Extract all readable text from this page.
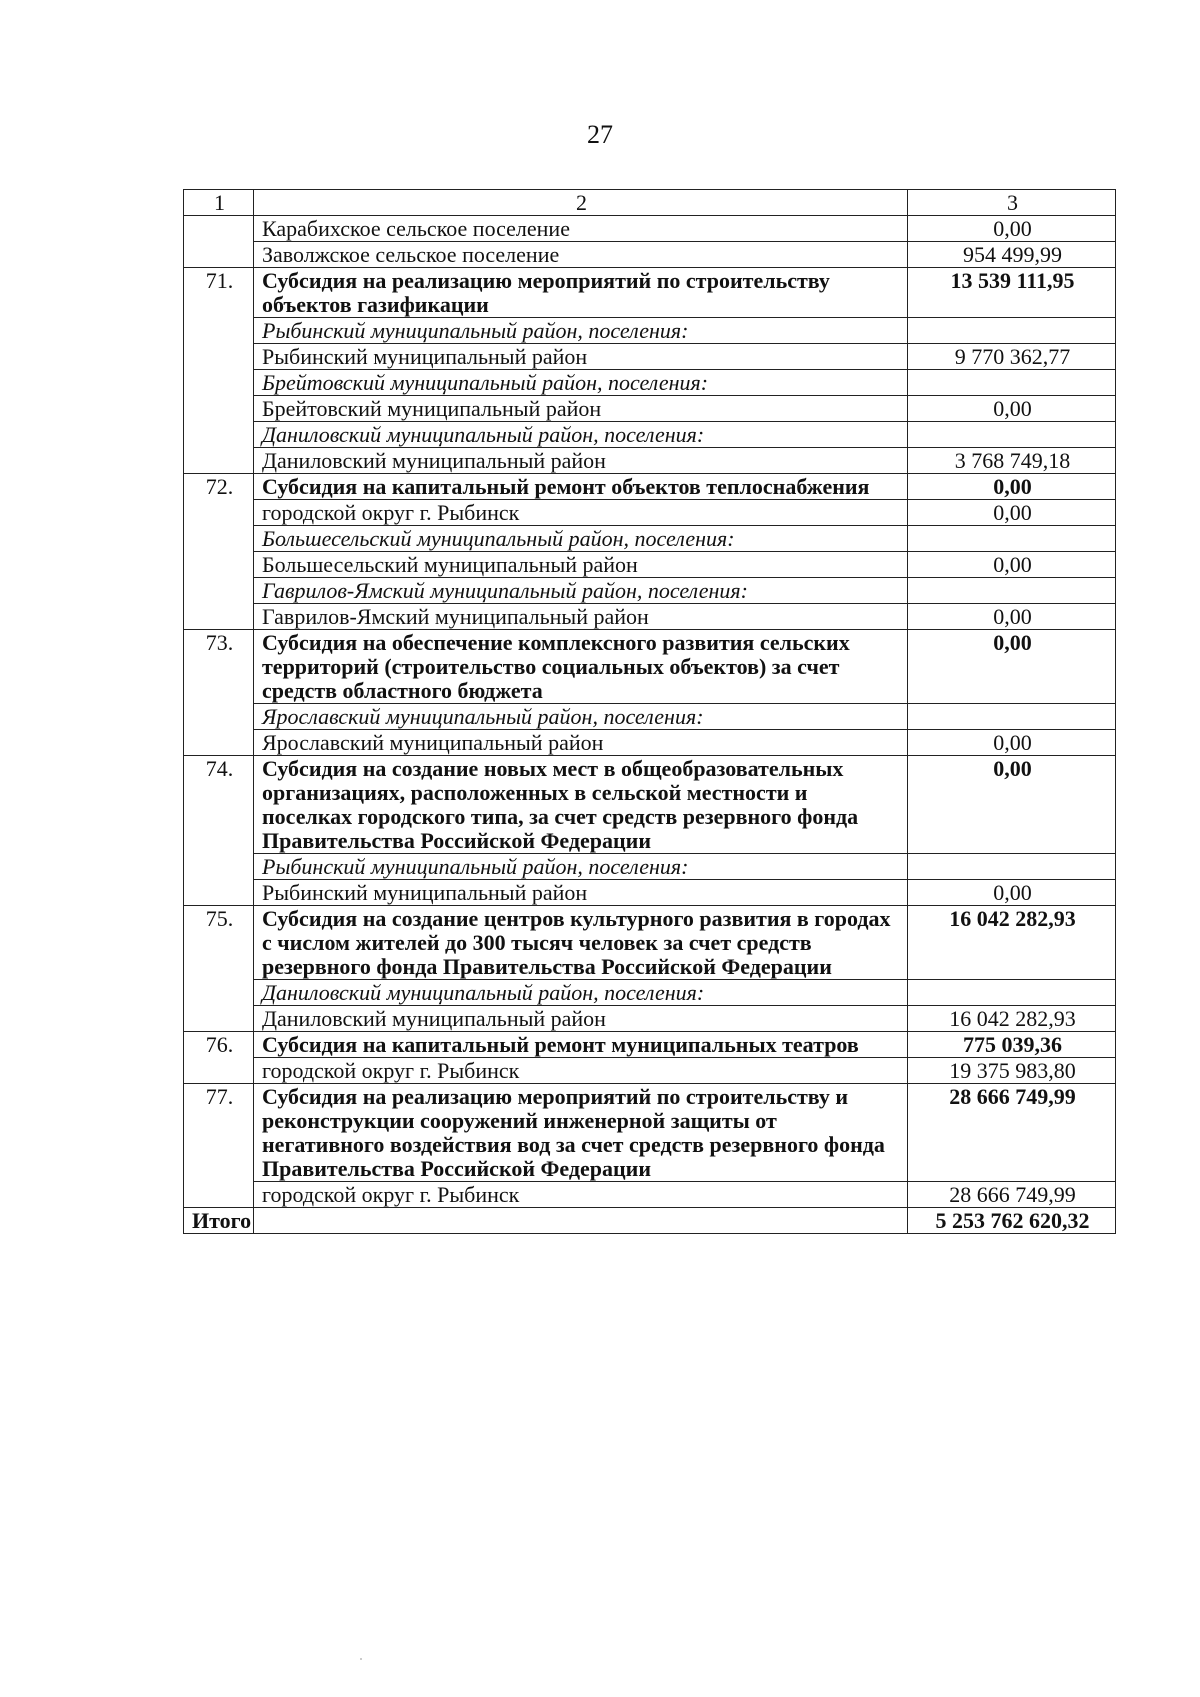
27
1	2	3
	Карабихское сельское поселение	0,00
	Заволжское сельское поселение	954 499,99
71.	Субсидия на реализацию мероприятий по строительству объектов газификации	13 539 111,95
	Рыбинский муниципальный район, поселения:	
	Рыбинский муниципальный район	9 770 362,77
	Брейтовский муниципальный район, поселения:	
	Брейтовский муниципальный район	0,00
	Даниловский муниципальный район, поселения:	
	Даниловский муниципальный район	3 768 749,18
72.	Субсидия на капитальный ремонт объектов теплоснабжения	0,00
	городской округ г. Рыбинск	0,00
	Большесельский муниципальный район, поселения:	
	Большесельский муниципальный район	0,00
	Гаврилов-Ямский муниципальный район, поселения:	
	Гаврилов-Ямский муниципальный район	0,00
73.	Субсидия на обеспечение комплексного развития сельских территорий (строительство социальных объектов) за счет средств областного бюджета	0,00
	Ярославский муниципальный район, поселения:	
	Ярославский муниципальный район	0,00
74.	Субсидия на создание новых мест в общеобразовательных организациях, расположенных в сельской местности и поселках городского типа, за счет средств резервного фонда Правительства Российской Федерации	0,00
	Рыбинский муниципальный район, поселения:	
	Рыбинский муниципальный район	0,00
75.	Субсидия на создание центров культурного развития в городах с числом жителей до 300 тысяч человек за счет средств резервного фонда Правительства Российской Федерации	16 042 282,93
	Даниловский муниципальный район, поселения:	
	Даниловский муниципальный район	16 042 282,93
76.	Субсидия на капитальный ремонт муниципальных театров	775 039,36
	городской округ г. Рыбинск	19 375 983,80
77.	Субсидия на реализацию мероприятий по строительству и реконструкции сооружений инженерной защиты от негативного воздействия вод за счет средств резервного фонда Правительства Российской Федерации	28 666 749,99
	городской округ г. Рыбинск	28 666 749,99
Итого		5 253 762 620,32
